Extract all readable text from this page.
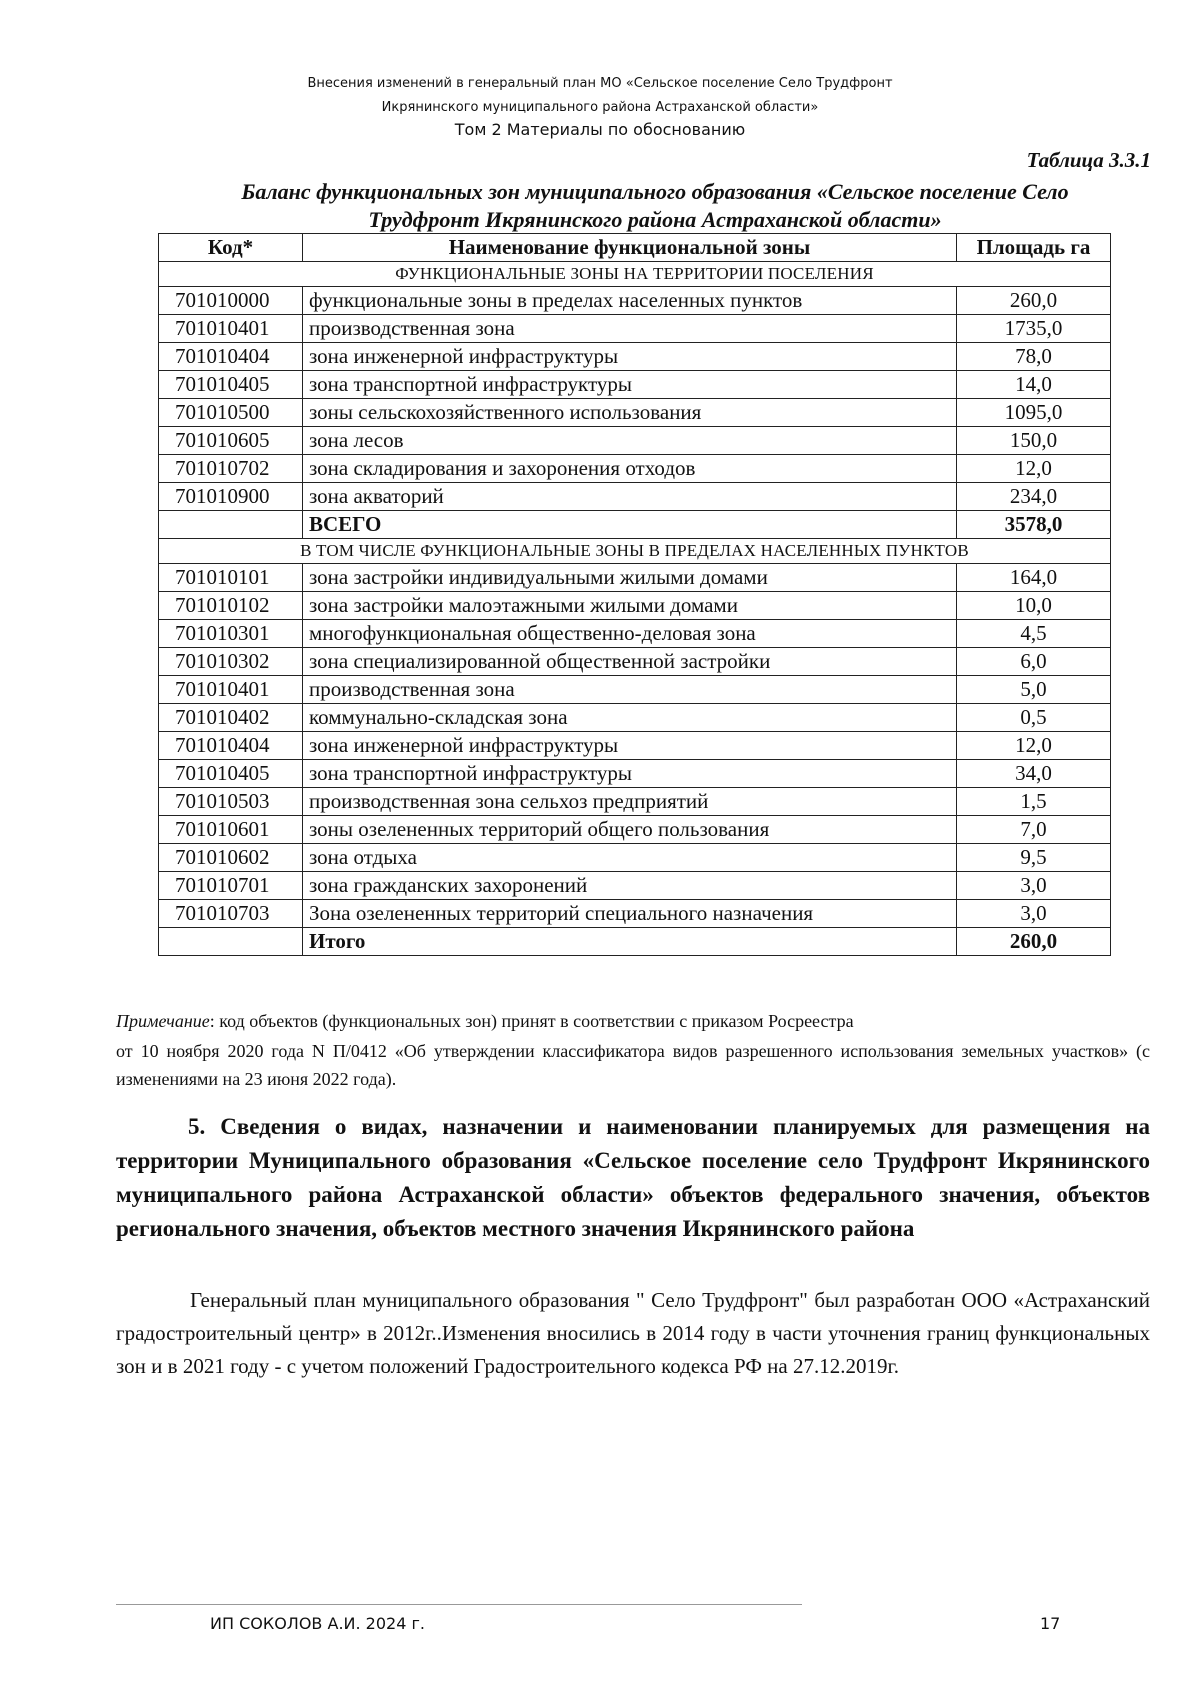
Внесения изменений в генеральный план МО «Сельское поселение Село Трудфронт
Икрянинского муниципального района Астраханской области»
Том 2 Материалы по обоснованию
Таблица 3.3.1
Баланс функциональных зон муниципального образования «Сельское поселение Село
Трудфронт Икрянинского района Астраханской области»
Код*	Наименование функциональной зоны	Площадь га
ФУНКЦИОНАЛЬНЫЕ ЗОНЫ НА ТЕРРИТОРИИ ПОСЕЛЕНИЯ		
701010000	функциональные зоны в пределах населенных пунктов	260,0
701010401	производственная зона	1735,0
701010404	зона инженерной инфраструктуры	78,0
701010405	зона транспортной инфраструктуры	14,0
701010500	зоны сельскохозяйственного использования	1095,0
701010605	зона лесов	150,0
701010702	зона складирования и захоронения отходов	12,0
701010900	зона акваторий	234,0
	ВСЕГО	3578,0
В ТОМ ЧИСЛЕ ФУНКЦИОНАЛЬНЫЕ ЗОНЫ В ПРЕДЕЛАХ НАСЕЛЕННЫХ ПУНКТОВ		
701010101	зона застройки индивидуальными жилыми домами	164,0
701010102	зона застройки малоэтажными жилыми домами	10,0
701010301	многофункциональная общественно-деловая зона	4,5
701010302	зона специализированной общественной застройки	6,0
701010401	производственная зона	5,0
701010402	коммунально-складская зона	0,5
701010404	зона инженерной инфраструктуры	12,0
701010405	зона транспортной инфраструктуры	34,0
701010503	производственная зона сельхоз предприятий	1,5
701010601	зоны озелененных территорий общего пользования	7,0
701010602	зона отдыха	9,5
701010701	зона гражданских захоронений	3,0
701010703	Зона озелененных территорий специального назначения	3,0
	Итого	260,0
Примечание: код объектов (функциональных зон) принят в соответствии с приказом Росреестра
от 10 ноября 2020 года N П/0412 «Об утверждении классификатора видов разрешенного использования земельных участков» (с изменениями на 23 июня 2022 года).
5. Сведения о видах, назначении и наименовании планируемых для размещения на территории Муниципального образования «Сельское поселение село Трудфронт Икрянинского муниципального района Астраханской области» объектов федерального значения, объектов регионального значения, объектов местного значения Икрянинского района
Генеральный план муниципального образования " Село Трудфронт" был разработан ООО «Астраханский градостроительный центр» в 2012г..Изменения вносились в 2014 году в части уточнения границ функциональных зон и в 2021 году - с учетом положений Градостроительного кодекса РФ на 27.12.2019г.
ИП СОКОЛОВ А.И. 2024 г.	17
